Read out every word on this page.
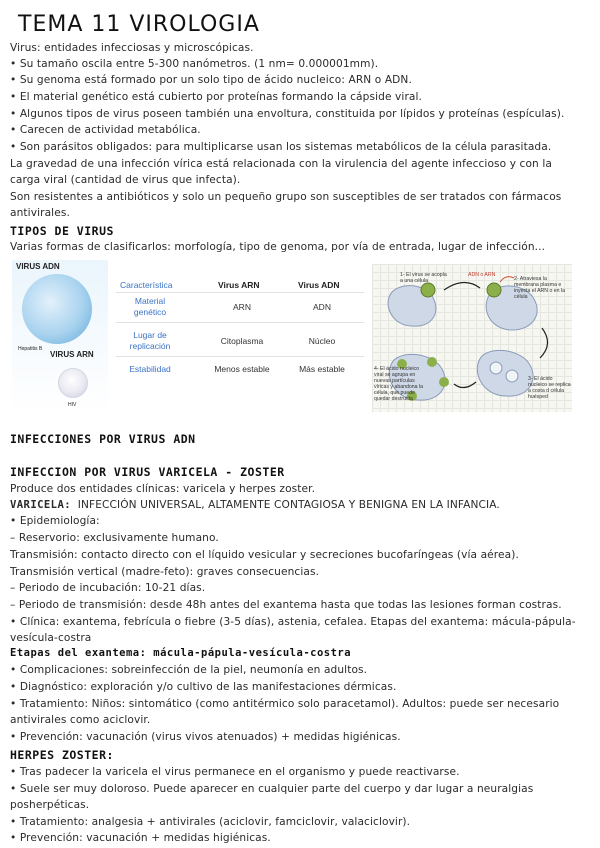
TEMA 11 VIROLOGIA
Virus: entidades infecciosas y microscópicas.
• Su tamaño oscila entre 5-300 nanómetros. (1 nm= 0.000001mm).
• Su genoma está formado por un solo tipo de ácido nucleico: ARN o ADN.
• El material genético está cubierto por proteínas formando la cápside viral.
• Algunos tipos de virus poseen también una envoltura, constituida por lípidos y proteínas (espículas).
• Carecen de actividad metabólica.
• Son parásitos obligados: para multiplicarse usan los sistemas metabólicos de la célula parasitada.
La gravedad de una infección vírica está relacionada con la virulencia del agente infeccioso y con la
carga viral (cantidad de virus que infecta).
Son resistentes a antibióticos y solo un pequeño grupo son susceptibles de ser tratados con fármacos
antivirales.
TIPOS DE VIRUS
Varias formas de clasificarlos: morfología, tipo de genoma, por vía de entrada, lugar de infección...
VIRUS ADN
Hepatitis B
VIRUS ARN
HIV
Característica	Virus ARN	Virus ADN
Material genético	ARN	ADN
Lugar de replicación	Citoplasma	Núcleo
Estabilidad	Menos estable	Más estable
1- El virus se acopla a una célula
ADN o ARN
2- Atraviesa la membrana plasma e inyecta el ARN o en la célula
3- El ácido nucleico se replica a costa d célula huésped
4- El ácido nucleico viral se agrupa en nuevas partículas víricas y abandona la célula, que puede quedar destruida
INFECCIONES POR VIRUS ADN
INFECCION POR VIRUS VARICELA - ZOSTER
Produce dos entidades clínicas: varicela y herpes zoster.
VARICELA: INFECCIÓN UNIVERSAL, ALTAMENTE CONTAGIOSA Y BENIGNA EN LA INFANCIA.
• Epidemiología:
– Reservorio: exclusivamente humano.
Transmisión: contacto directo con el líquido vesicular y secreciones bucofaríngeas (vía aérea).
Transmisión vertical (madre-feto): graves consecuencias.
– Periodo de incubación: 10-21 días.
– Periodo de transmisión: desde 48h antes del exantema hasta que todas las lesiones forman costras.
• Clínica: exantema, febrícula o fiebre (3-5 días), astenia, cefalea. Etapas del exantema: mácula-pápula-
vesícula-costra
Etapas del exantema: mácula-pápula-vesícula-costra
• Complicaciones: sobreinfección de la piel, neumonía en adultos.
• Diagnóstico: exploración y/o cultivo de las manifestaciones dérmicas.
• Tratamiento: Niños: sintomático (como antitérmico solo paracetamol). Adultos: puede ser necesario
antivirales como aciclovir.
• Prevención: vacunación (virus vivos atenuados) + medidas higiénicas.
HERPES ZOSTER:
• Tras padecer la varicela el virus permanece en el organismo y puede reactivarse.
• Suele ser muy doloroso. Puede aparecer en cualquier parte del cuerpo y dar lugar a neuralgias
posherpéticas.
• Tratamiento: analgesia + antivirales (aciclovir, famciclovir, valaciclovir).
• Prevención: vacunación + medidas higiénicas.
